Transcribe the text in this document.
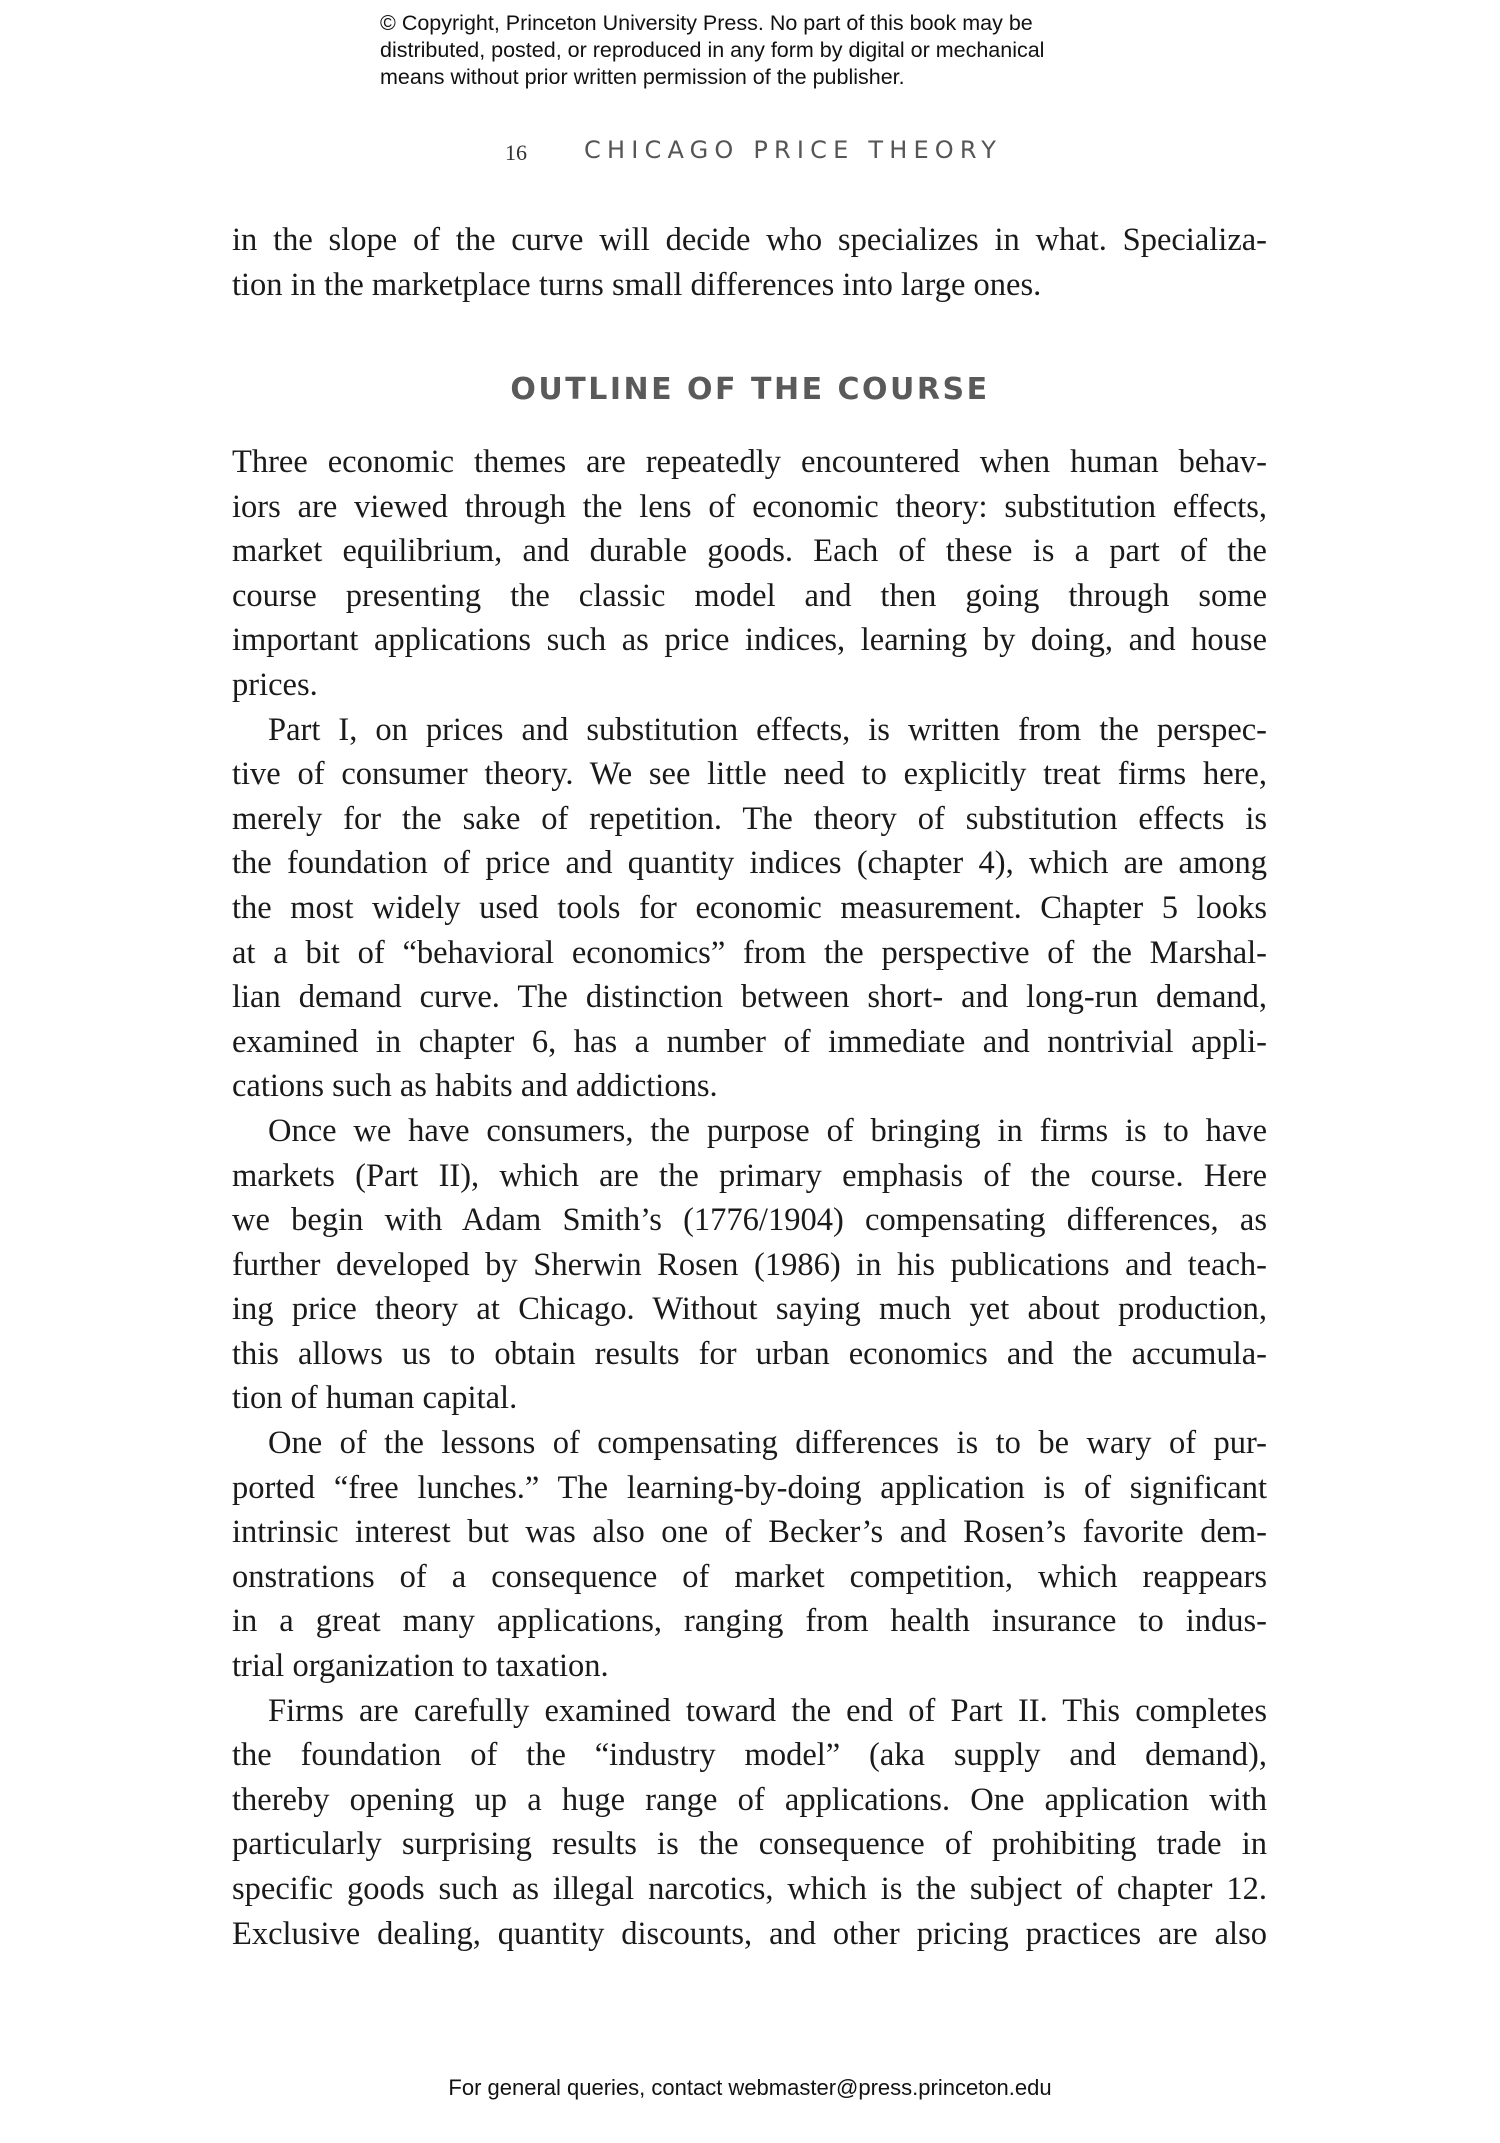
© Copyright, Princeton University Press. No part of this book may be
distributed, posted, or reproduced in any form by digital or mechanical
means without prior written permission of the publisher.
16 CHICAGO PRICE THEORY
in the slope of the curve will decide who specializes in what. Specializa-
tion in the marketplace turns small differences into large ones.
OUTLINE OF THE COURSE
Three economic themes are repeatedly encountered when human behav-
iors are viewed through the lens of economic theory: substitution effects,
market equilibrium, and durable goods. Each of these is a part of the
course presenting the classic model and then going through some
important applications such as price indices, learning by doing, and house
prices.
Part I, on prices and substitution effects, is written from the perspec-
tive of consumer theory. We see little need to explicitly treat firms here,
merely for the sake of repetition. The theory of substitution effects is
the foundation of price and quantity indices (chapter 4), which are among
the most widely used tools for economic measurement. Chapter 5 looks
at a bit of “behavioral economics” from the perspective of the Marshal-
lian demand curve. The distinction between short- and long-run demand,
examined in chapter 6, has a number of immediate and nontrivial appli-
cations such as habits and addictions.
Once we have consumers, the purpose of bringing in firms is to have
markets (Part II), which are the primary emphasis of the course. Here
we begin with Adam Smith’s (1776/1904) compensating differences, as
further developed by Sherwin Rosen (1986) in his publications and teach-
ing price theory at Chicago. Without saying much yet about production,
this allows us to obtain results for urban economics and the accumula-
tion of human capital.
One of the lessons of compensating differences is to be wary of pur-
ported “free lunches.” The learning-by-doing application is of significant
intrinsic interest but was also one of Becker’s and Rosen’s favorite dem-
onstrations of a consequence of market competition, which reappears
in a great many applications, ranging from health insurance to indus-
trial organization to taxation.
Firms are carefully examined toward the end of Part II. This completes
the foundation of the “industry model” (aka supply and demand),
thereby opening up a huge range of applications. One application with
particularly surprising results is the consequence of prohibiting trade in
specific goods such as illegal narcotics, which is the subject of chapter 12.
Exclusive dealing, quantity discounts, and other pricing practices are also
For general queries, contact webmaster@press.princeton.edu
